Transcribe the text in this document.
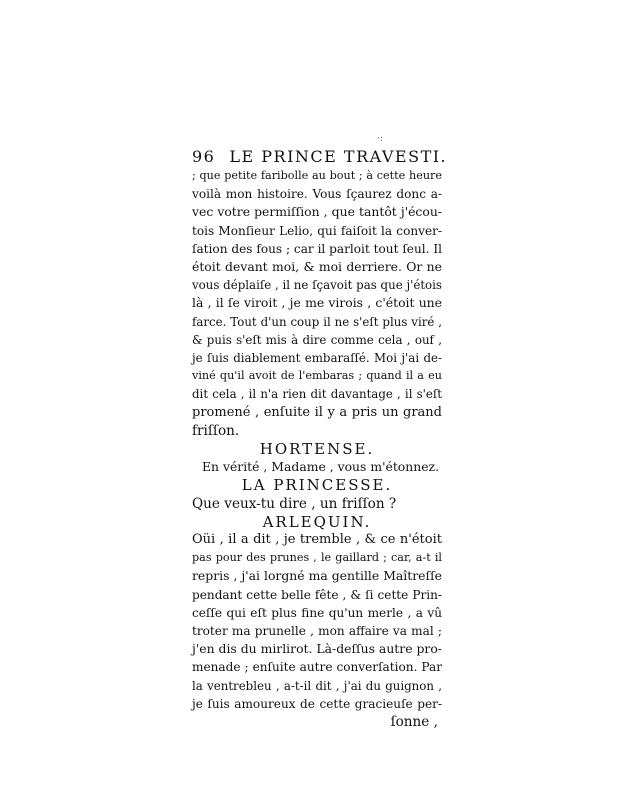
·:
96 LE PRINCE TRAVESTI.
; que petite faribolle au bout ; à cette heure
voilà mon histoire. Vous ſçaurez donc a-
vec votre permiſſion , que tantôt j'écou-
tois Monſieur Lelio, qui faiſoit la conver-
ſation des fous ; car il parloit tout ſeul. Il
étoit devant moi, & moi derriere. Or ne
vous déplaiſe , il ne ſçavoit pas que j'étois
là , il ſe viroit , je me virois , c'étoit une
farce. Tout d'un coup il ne s'eſt plus viré ,
& puis s'eſt mis à dire comme cela , ouf ,
je ſuis diablement embaraſſé. Moi j'ai de-
viné qu'il avoit de l'embaras ; quand il a eu
dit cela , il n'a rien dit davantage , il s'eſt
promené , enſuite il y a pris un grand
friſſon.
HORTENSE.
En vérité , Madame , vous m'étonnez.
LA PRINCESSE.
Que veux-tu dire , un friſſon ?
ARLEQUIN.
Oüi , il a dit , je tremble , & ce n'étoit
pas pour des prunes , le gaillard ; car, a-t il
repris , j'ai lorgné ma gentille Maîtreſſe
pendant cette belle fête , & ſi cette Prin-
ceſſe qui eſt plus fine qu'un merle , a vû
troter ma prunelle , mon affaire va mal ;
j'en dis du mirlirot. Là-deſſus autre pro-
menade ; enſuite autre converſation. Par
la ventrebleu , a-t-il dit , j'ai du guignon ,
je ſuis amoureux de cette gracieuſe per-
ſonne ,
